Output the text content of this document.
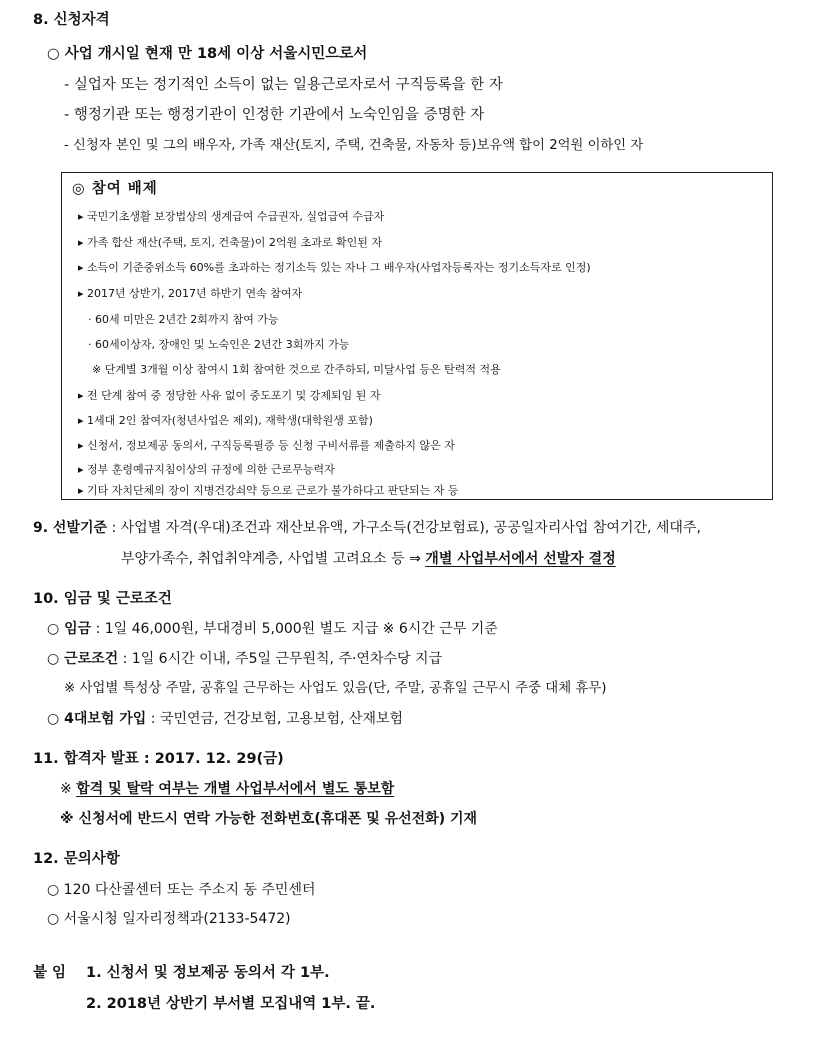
8. 신청자격
○ 사업 개시일 현재 만 18세 이상 서울시민으로서
- 실업자 또는 정기적인 소득이 없는 일용근로자로서 구직등록을 한 자
- 행정기관 또는 행정기관이 인정한 기관에서 노숙인임을 증명한 자
- 신청자 본인 및 그의 배우자, 가족 재산(토지, 주택, 건축물, 자동차 등)보유액 합이 2억원 이하인 자
◎ 참여 배제
▸ 국민기초생활 보장법상의 생계급여 수급권자, 실업급여 수급자
▸ 가족 합산 재산(주택, 토지, 건축물)이 2억원 초과로 확인된 자
▸ 소득이 기준중위소득 60%를 초과하는 정기소득 있는 자나 그 배우자(사업자등록자는 정기소득자로 인정)
▸ 2017년 상반기, 2017년 하반기 연속 참여자
· 60세 미만은 2년간 2회까지 참여 가능
· 60세이상자, 장애인 및 노숙인은 2년간 3회까지 가능
※ 단계별 3개월 이상 참여시 1회 참여한 것으로 간주하되, 미달사업 등은 탄력적 적용
▸ 전 단계 참여 중 정당한 사유 없이 중도포기 및 강제퇴임 된 자
▸ 1세대 2인 참여자(청년사업은 제외), 재학생(대학원생 포함)
▸ 신청서, 정보제공 동의서, 구직등록필증 등 신청 구비서류를 제출하지 않은 자
▸ 정부 훈령예규지침이상의 규정에 의한 근로무능력자
▸ 기타 자치단체의 장이 지병건강쇠약 등으로 근로가 불가하다고 판단되는 자 등
9. 선발기준 : 사업별 자격(우대)조건과 재산보유액, 가구소득(건강보험료), 공공일자리사업 참여기간, 세대주,
부양가족수, 취업취약계층, 사업별 고려요소 등 ⇒ 개별 사업부서에서 선발자 결정
10. 임금 및 근로조건
○ 임금 : 1일 46,000원, 부대경비 5,000원 별도 지급 ※ 6시간 근무 기준
○ 근로조건 : 1일 6시간 이내, 주5일 근무원칙, 주·연차수당 지급
※ 사업별 특성상 주말, 공휴일 근무하는 사업도 있음(단, 주말, 공휴일 근무시 주중 대체 휴무)
○ 4대보험 가입 : 국민연금, 건강보험, 고용보험, 산재보험
11. 합격자 발표 : 2017. 12. 29(금)
※ 합격 및 탈락 여부는 개별 사업부서에서 별도 통보함
※ 신청서에 반드시 연락 가능한 전화번호(휴대폰 및 유선전화) 기재
12. 문의사항
○ 120 다산콜센터 또는 주소지 동 주민센터
○ 서울시청 일자리정책과(2133-5472)
붙 임 1. 신청서 및 정보제공 동의서 각 1부.
2. 2018년 상반기 부서별 모집내역 1부. 끝.
